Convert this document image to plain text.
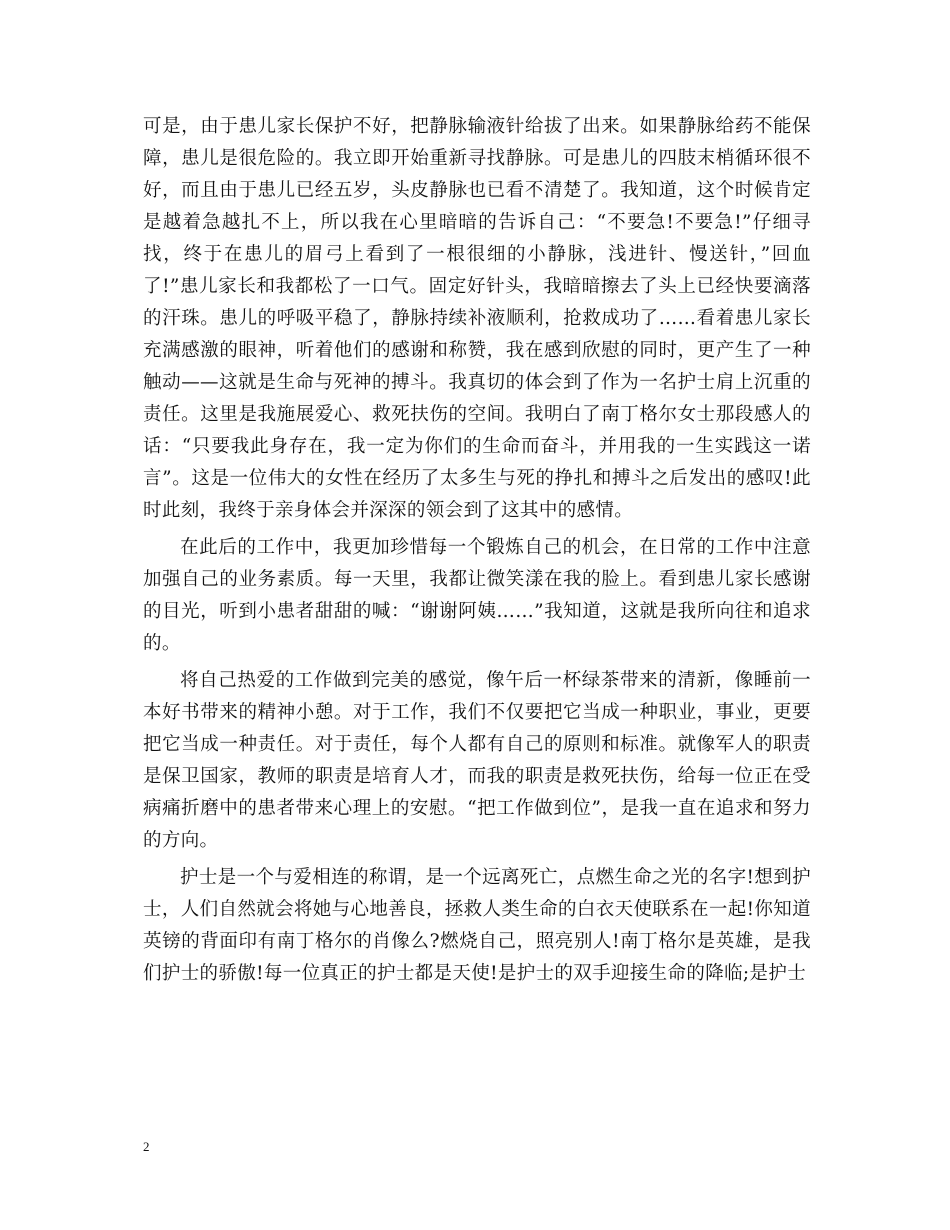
可是，由于患儿家长保护不好，把静脉输液针给拔了出来。如果静脉给药不能保障，患儿是很危险的。我立即开始重新寻找静脉。可是患儿的四肢末梢循环很不好，而且由于患儿已经五岁，头皮静脉也已看不清楚了。我知道，这个时候肯定是越着急越扎不上，所以我在心里暗暗的告诉自己：“不要急!不要急!”仔细寻找，终于在患儿的眉弓上看到了一根很细的小静脉，浅进针、慢送针，”回血了!”患儿家长和我都松了一口气。固定好针头，我暗暗擦去了头上已经快要滴落的汗珠。患儿的呼吸平稳了，静脉持续补液顺利，抢救成功了……看着患儿家长充满感激的眼神，听着他们的感谢和称赞，我在感到欣慰的同时，更产生了一种触动——这就是生命与死神的搏斗。我真切的体会到了作为一名护士肩上沉重的责任。这里是我施展爱心、救死扶伤的空间。我明白了南丁格尔女士那段感人的话：“只要我此身存在，我一定为你们的生命而奋斗，并用我的一生实践这一诺言”。这是一位伟大的女性在经历了太多生与死的挣扎和搏斗之后发出的感叹!此时此刻，我终于亲身体会并深深的领会到了这其中的感情。

在此后的工作中，我更加珍惜每一个锻炼自己的机会，在日常的工作中注意加强自己的业务素质。每一天里，我都让微笑漾在我的脸上。看到患儿家长感谢的目光，听到小患者甜甜的喊：“谢谢阿姨……”我知道，这就是我所向往和追求的。

将自己热爱的工作做到完美的感觉，像午后一杯绿茶带来的清新，像睡前一本好书带来的精神小憩。对于工作，我们不仅要把它当成一种职业，事业，更要把它当成一种责任。对于责任，每个人都有自己的原则和标准。就像军人的职责是保卫国家，教师的职责是培育人才，而我的职责是救死扶伤，给每一位正在受病痛折磨中的患者带来心理上的安慰。“把工作做到位”，是我一直在追求和努力的方向。

护士是一个与爱相连的称谓，是一个远离死亡，点燃生命之光的名字!想到护士，人们自然就会将她与心地善良，拯救人类生命的白衣天使联系在一起!你知道英镑的背面印有南丁格尔的肖像么?燃烧自己，照亮别人!南丁格尔是英雄，是我们护士的骄傲!每一位真正的护士都是天使!是护士的双手迎接生命的降临;是护士

2
